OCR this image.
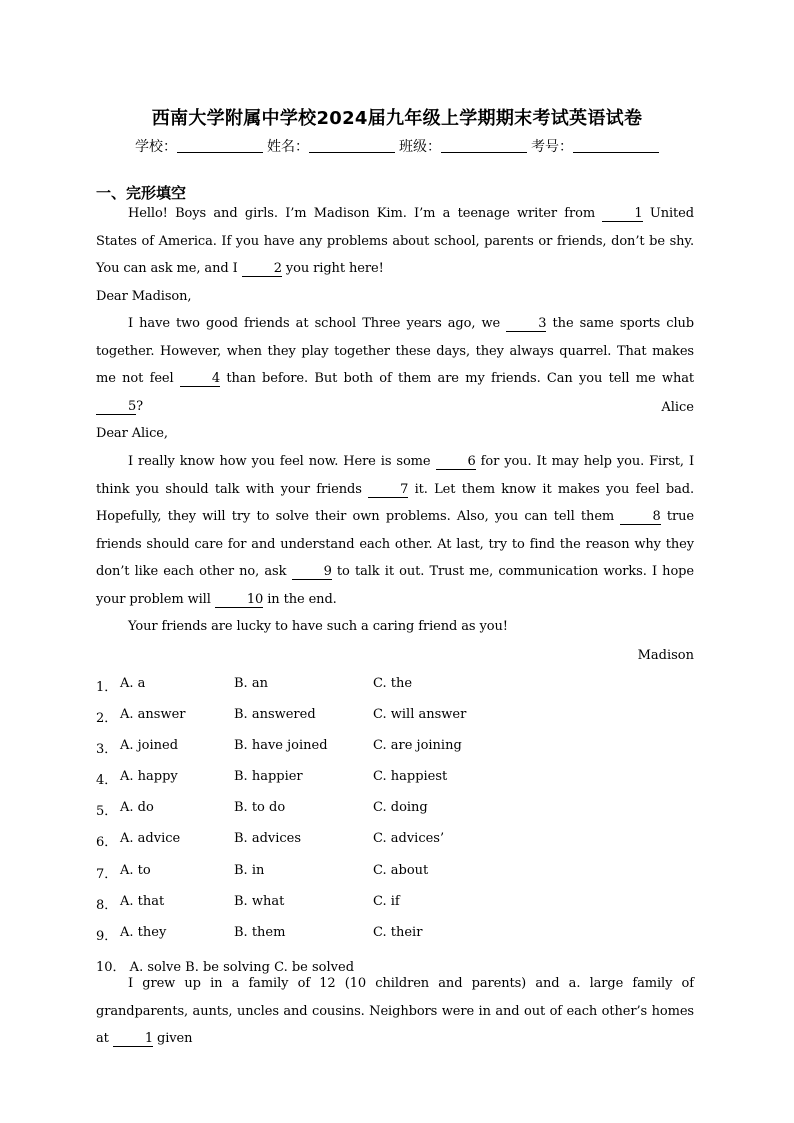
西南大学附属中学校2024届九年级上学期期末考试英语试卷
学校：	姓名：	班级：	考号：
一、完形填空
Hello! Boys and girls. I’m Madison Kim. I’m a teenage writer from 1 United States of America. If you have any problems about school, parents or friends, don’t be shy. You can ask me, and I 2 you right here!
Dear Madison,
I have two good friends at school Three years ago, we 3 the same sports club together. However, when they play together these days, they always quarrel. That makes me not feel 4 than before. But both of them are my friends. Can you tell me what 5?	Alice
Dear Alice,
I really know how you feel now. Here is some 6 for you. It may help you. First, I think you should talk with your friends 7 it. Let them know it makes you feel bad. Hopefully, they will try to solve their own problems. Also, you can tell them 8 true friends should care for and understand each other. At last, try to find the reason why they don’t like each other no, ask 9 to talk it out. Trust me, communication works. I hope your problem will 10 in the end.
Your friends are lucky to have such a caring friend as you!
Madison
1． A. a	B. an	C. the
2． A. answer	B. answered	C. will answer
3． A. joined	B. have joined	C. are joining
4． A. happy	B. happier	C. happiest
5． A. do	B. to do	C. doing
6． A. advice	B. advices	C. advices’
7． A. to	B. in	C. about
8． A. that	B. what	C. if
9． A. they	B. them	C. their
10． A. solve B. be solving C. be solved
I grew up in a family of 12 (10 children and parents) and a. large family of grandparents, aunts, uncles and cousins. Neighbors were in and out of each other’s homes at 1 given
